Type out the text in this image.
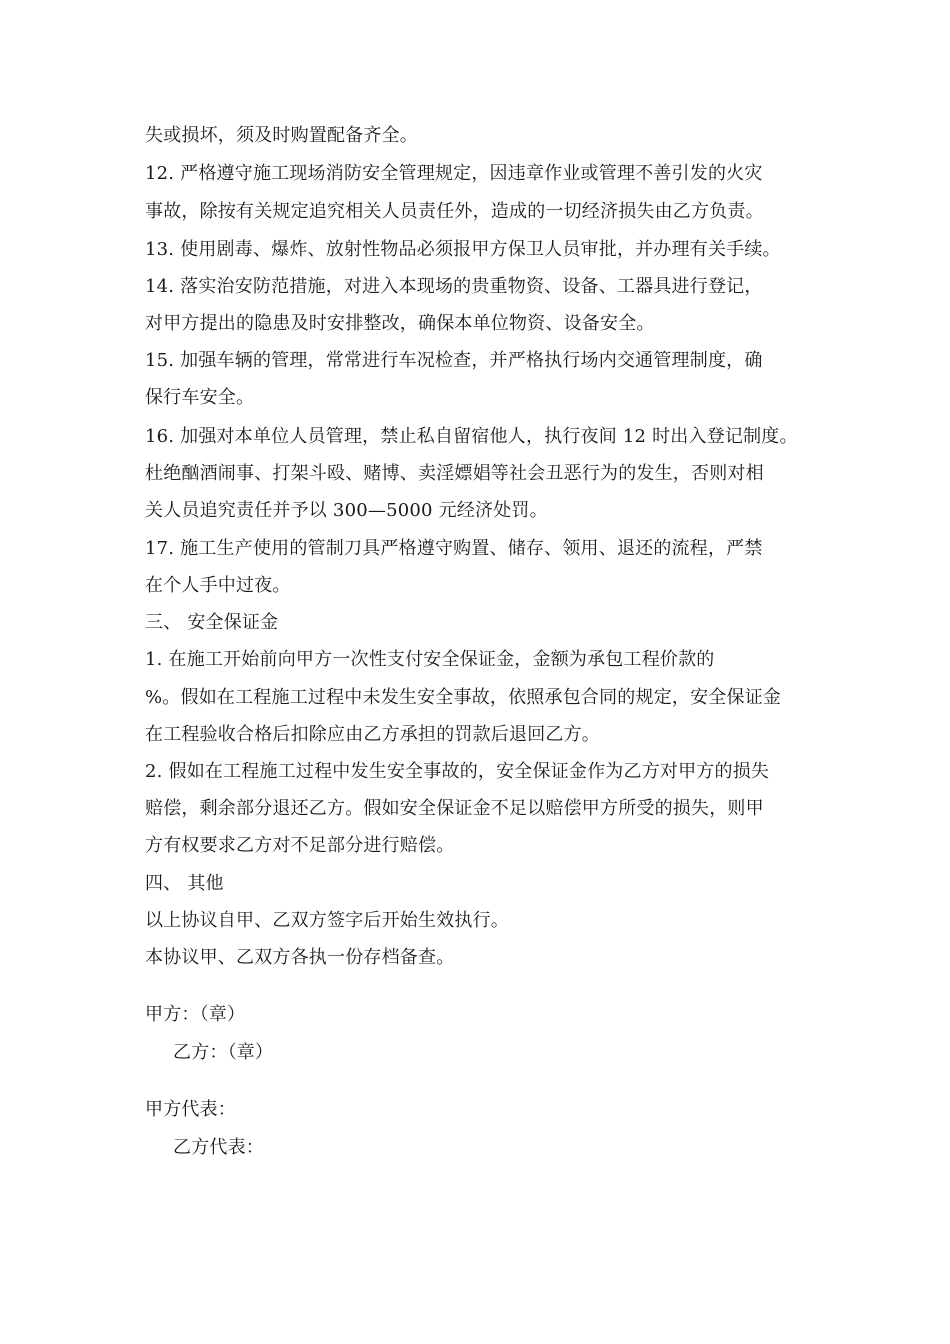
失或损坏，须及时购置配备齐全。
12. 严格遵守施工现场消防安全管理规定，因违章作业或管理不善引发的火灾
事故，除按有关规定追究相关人员责任外，造成的一切经济损失由乙方负责。
13. 使用剧毒、爆炸、放射性物品必须报甲方保卫人员审批，并办理有关手续。
14. 落实治安防范措施，对进入本现场的贵重物资、设备、工器具进行登记，
对甲方提出的隐患及时安排整改，确保本单位物资、设备安全。
15. 加强车辆的管理，常常进行车况检查，并严格执行场内交通管理制度，确
保行车安全。
16. 加强对本单位人员管理，禁止私自留宿他人，执行夜间 12 时出入登记制度。
杜绝酗酒闹事、打架斗殴、赌博、卖淫嫖娼等社会丑恶行为的发生，否则对相
关人员追究责任并予以 300—5000 元经济处罚。
17. 施工生产使用的管制刀具严格遵守购置、储存、领用、退还的流程，严禁
在个人手中过夜。
三、 安全保证金
1. 在施工开始前向甲方一次性支付安全保证金，金额为承包工程价款的
%。假如在工程施工过程中未发生安全事故，依照承包合同的规定，安全保证金
在工程验收合格后扣除应由乙方承担的罚款后退回乙方。
2. 假如在工程施工过程中发生安全事故的，安全保证金作为乙方对甲方的损失
赔偿，剩余部分退还乙方。假如安全保证金不足以赔偿甲方所受的损失，则甲
方有权要求乙方对不足部分进行赔偿。
四、 其他
以上协议自甲、乙双方签字后开始生效执行。
本协议甲、乙双方各执一份存档备查。
甲方：（章）
乙方：（章）
甲方代表：
乙方代表：
